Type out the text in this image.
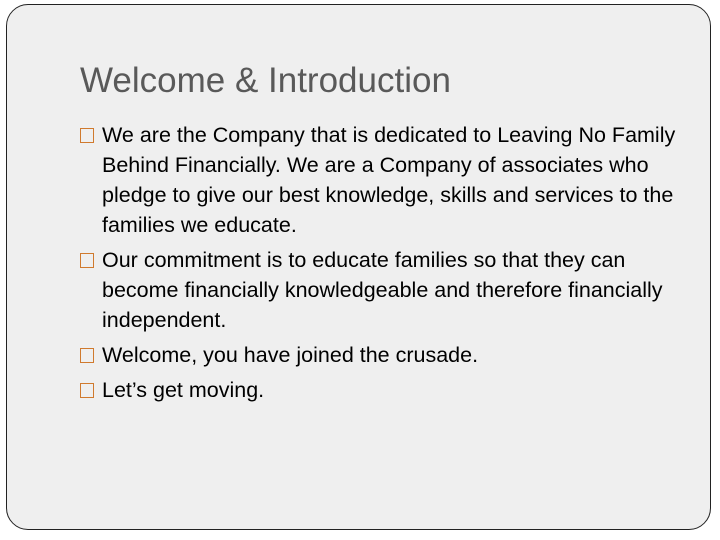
Welcome & Introduction
We are the Company that is dedicated to Leaving No Family Behind Financially. We are a Company of associates who pledge to give our best knowledge, skills and services to the families we educate.
Our commitment is to educate families so that they can become financially knowledgeable and therefore financially independent.
Welcome, you have joined the crusade.
Let’s get moving.
